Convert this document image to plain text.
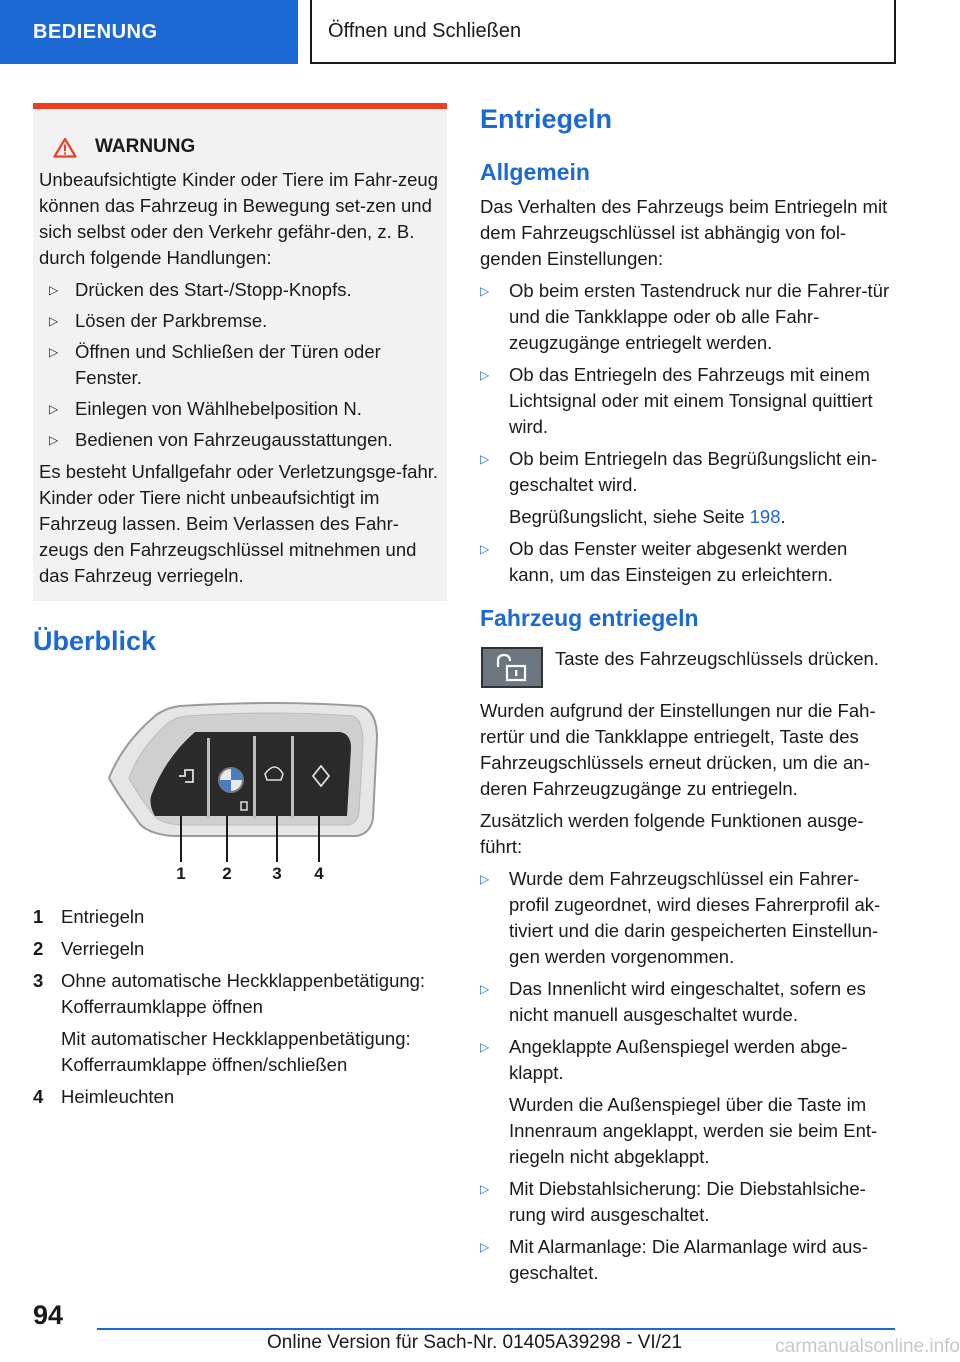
BEDIENUNG	Öffnen und Schließen
WARNUNG

Unbeaufsichtigte Kinder oder Tiere im Fahr-zeug können das Fahrzeug in Bewegung set-zen und sich selbst oder den Verkehr gefähr-den, z. B. durch folgende Handlungen:

▷ Drücken des Start-/Stopp-Knopfs.
▷ Lösen der Parkbremse.
▷ Öffnen und Schließen der Türen oder Fenster.
▷ Einlegen von Wählhebelposition N.
▷ Bedienen von Fahrzeugausstattungen.

Es besteht Unfallgefahr oder Verletzungsge-fahr. Kinder oder Tiere nicht unbeaufsichtigt im Fahrzeug lassen. Beim Verlassen des Fahr-zeugs den Fahrzeugschlüssel mitnehmen und das Fahrzeug verriegeln.

Überblick
1 2 3 4
1 Entriegeln
2 Verriegeln
3 Ohne automatische Heckklappenbetätigung: Kofferraumklappe öffnen
Mit automatischer Heckklappenbetätigung: Kofferraumklappe öffnen/schließen
4 Heimleuchten
Entriegeln
Allgemein
Das Verhalten des Fahrzeugs beim Entriegeln mit dem Fahrzeugschlüssel ist abhängig von fol-genden Einstellungen:
▷ Ob beim ersten Tastendruck nur die Fahrer-tür und die Tankklappe oder ob alle Fahr-zeugzugänge entriegelt werden.
▷ Ob das Entriegeln des Fahrzeugs mit einem Lichtsignal oder mit einem Tonsignal quittiert wird.
▷ Ob beim Entriegeln das Begrüßungslicht ein-geschaltet wird.
Begrüßungslicht, siehe Seite 198.
▷ Ob das Fenster weiter abgesenkt werden kann, um das Einsteigen zu erleichtern.
Fahrzeug entriegeln
Taste des Fahrzeugschlüssels drücken.
Wurden aufgrund der Einstellungen nur die Fah-rertür und die Tankklappe entriegelt, Taste des Fahrzeugschlüssels erneut drücken, um die an-deren Fahrzeugzugänge zu entriegeln.
Zusätzlich werden folgende Funktionen ausge-führt:
▷ Wurde dem Fahrzeugschlüssel ein Fahrer-profil zugeordnet, wird dieses Fahrerprofil ak-tiviert und die darin gespeicherten Einstellun-gen werden vorgenommen.
▷ Das Innenlicht wird eingeschaltet, sofern es nicht manuell ausgeschaltet wurde.
▷ Angeklappte Außenspiegel werden abge-klappt.
Wurden die Außenspiegel über die Taste im Innenraum angeklappt, werden sie beim Ent-riegeln nicht abgeklappt.
▷ Mit Diebstahlsicherung: Die Diebstahlsiche-rung wird ausgeschaltet.
▷ Mit Alarmanlage: Die Alarmanlage wird aus-geschaltet.
94
Online Version für Sach-Nr. 01405A39298 - VI/21	carmanualsonline.info
